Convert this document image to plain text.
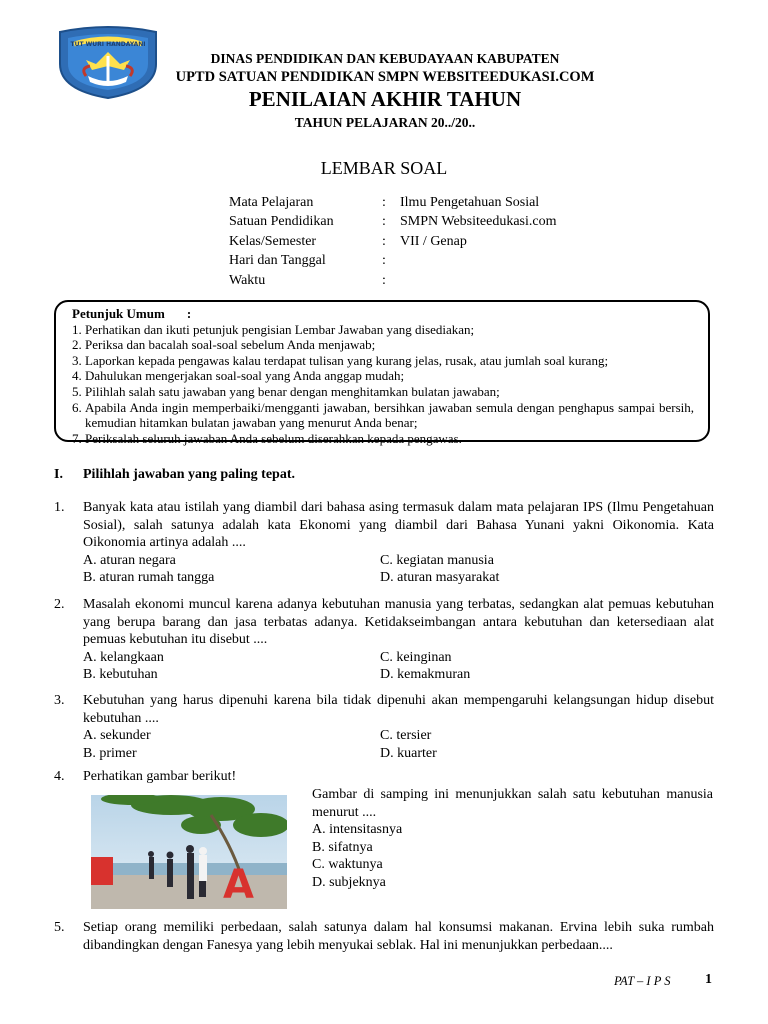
TUT WURI HANDAYANI
DINAS PENDIDIKAN DAN KEBUDAYAAN KABUPATEN
UPTD SATUAN PENDIDIKAN SMPN WEBSITEEDUKASI.COM
PENILAIAN AKHIR TAHUN
TAHUN PELAJARAN 20../20..
LEMBAR SOAL
Mata Pelajaran	:	Ilmu Pengetahuan Sosial
Satuan Pendidikan	:	SMPN Websiteedukasi.com
Kelas/Semester	:	VII / Genap
Hari dan Tanggal	:
Waktu	:
Petunjuk Umum :
1. Perhatikan dan ikuti petunjuk pengisian Lembar Jawaban yang disediakan;
2. Periksa dan bacalah soal-soal sebelum Anda menjawab;
3. Laporkan kepada pengawas kalau terdapat tulisan yang kurang jelas, rusak, atau jumlah soal kurang;
4. Dahulukan mengerjakan soal-soal yang Anda anggap mudah;
5. Pilihlah salah satu jawaban yang benar dengan menghitamkan bulatan jawaban;
6. Apabila Anda ingin memperbaiki/mengganti jawaban, bersihkan jawaban semula dengan penghapus sampai bersih, kemudian hitamkan bulatan jawaban yang menurut Anda benar;
7. Periksalah seluruh jawaban Anda sebelum diserahkan kepada pengawas.
I. Pilihlah jawaban yang paling tepat.
1.	Banyak kata atau istilah yang diambil dari bahasa asing termasuk dalam mata pelajaran IPS (Ilmu Pengetahuan Sosial), salah satunya adalah kata Ekonomi yang diambil dari Bahasa Yunani yakni Oikonomia. Kata Oikonomia artinya adalah ....
A. aturan negara	C. kegiatan manusia
B. aturan rumah tangga	D. aturan masyarakat
2.	Masalah ekonomi muncul karena adanya kebutuhan manusia yang terbatas, sedangkan alat pemuas kebutuhan yang berupa barang dan jasa terbatas adanya. Ketidakseimbangan antara kebutuhan dan ketersediaan alat pemuas kebutuhan itu disebut ....
A. kelangkaan	C. keinginan
B. kebutuhan	D. kemakmuran
3.	Kebutuhan yang harus dipenuhi karena bila tidak dipenuhi akan mempengaruhi kelangsungan hidup disebut kebutuhan ....
A. sekunder	C. tersier
B. primer	D. kuarter
4.	Perhatikan gambar berikut!
A
Gambar di samping ini menunjukkan salah satu kebutuhan manusia menurut ....
A. intensitasnya
B. sifatnya
C. waktunya
D. subjeknya
5.	Setiap orang memiliki perbedaan, salah satunya dalam hal konsumsi makanan. Ervina lebih suka rumbah dibandingkan dengan Fanesya yang lebih menyukai seblak. Hal ini menunjukkan perbedaan....
PAT – I P S 1
